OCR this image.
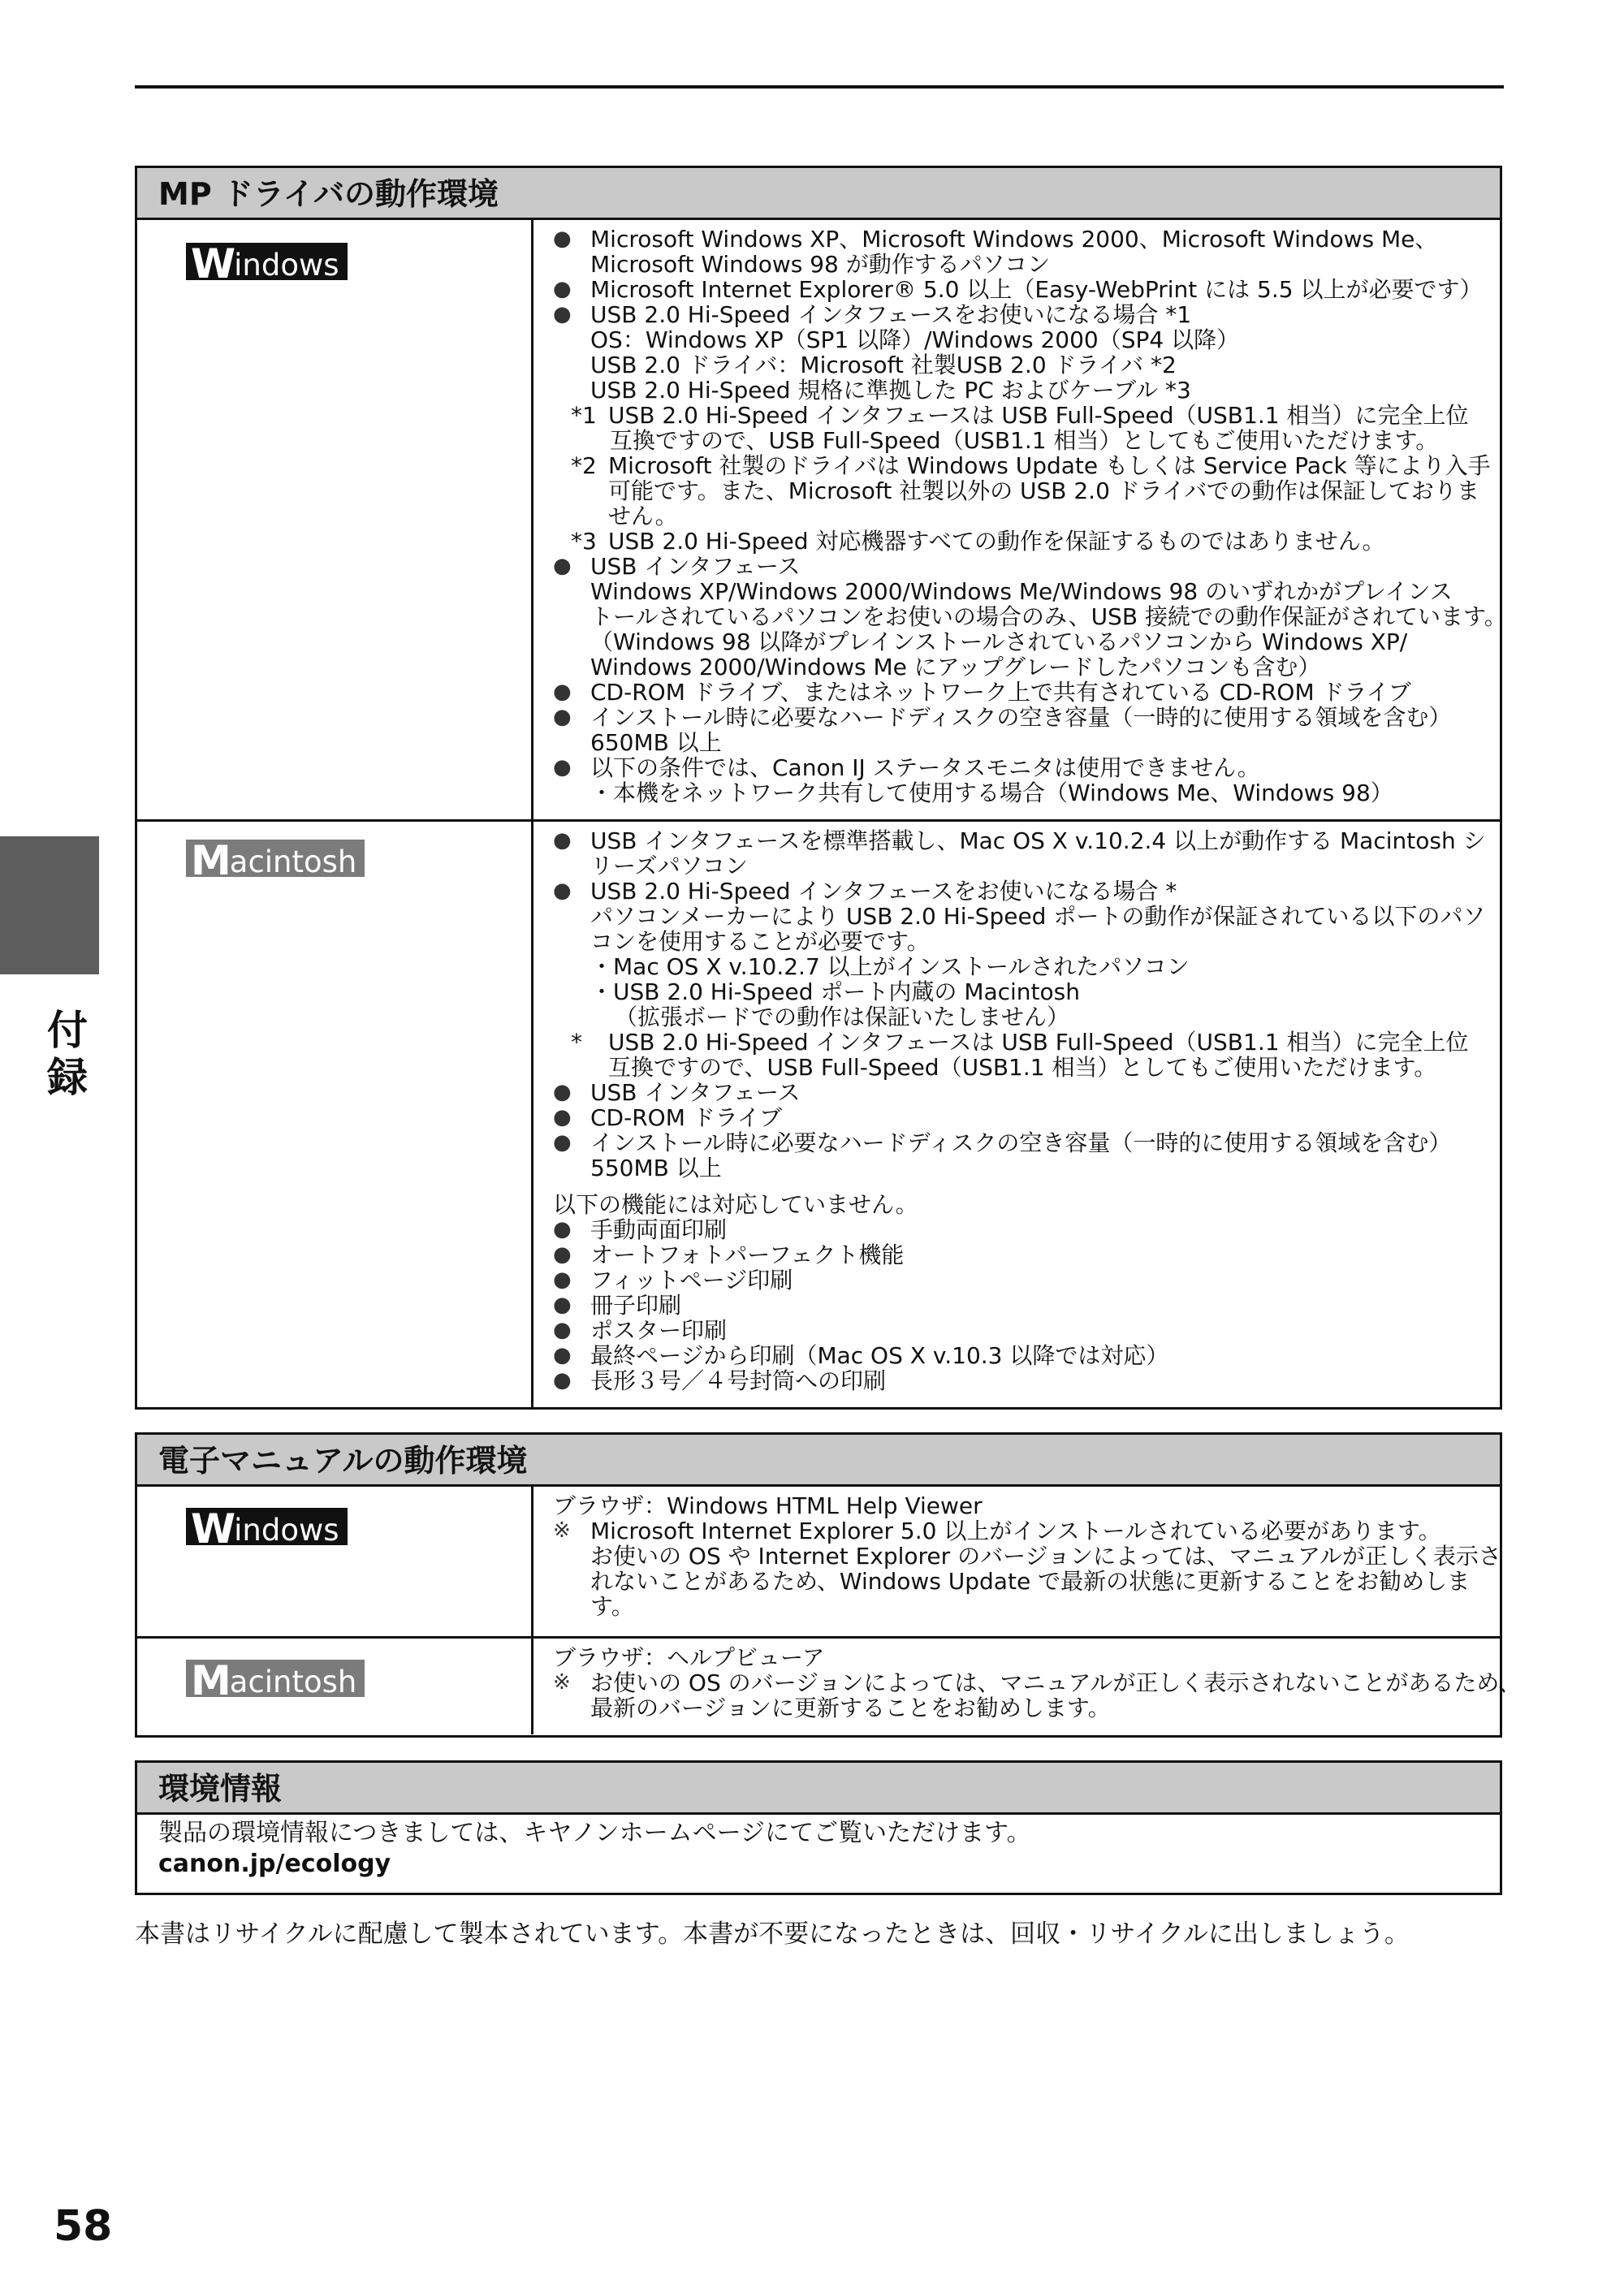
付録
MP ドライバの動作環境
Windows
● Microsoft Windows XP、Microsoft Windows 2000、Microsoft Windows Me、
Microsoft Windows 98 が動作するパソコン
● Microsoft Internet Explorer® 5.0 以上（Easy-WebPrint には 5.5 以上が必要です）
● USB 2.0 Hi-Speed インタフェースをお使いになる場合 *1
OS：Windows XP（SP1 以降）/Windows 2000（SP4 以降）
USB 2.0 ドライバ：Microsoft 社製USB 2.0 ドライバ *2
USB 2.0 Hi-Speed 規格に準拠した PC およびケーブル *3
*1 USB 2.0 Hi-Speed インタフェースは USB Full-Speed（USB1.1 相当）に完全上位
互換ですので、USB Full-Speed（USB1.1 相当）としてもご使用いただけます。
*2 Microsoft 社製のドライバは Windows Update もしくは Service Pack 等により入手
可能です。また、Microsoft 社製以外の USB 2.0 ドライバでの動作は保証しておりま
せん。
*3 USB 2.0 Hi-Speed 対応機器すべての動作を保証するものではありません。
● USB インタフェース
Windows XP/Windows 2000/Windows Me/Windows 98 のいずれかがプレインス
トールされているパソコンをお使いの場合のみ、USB 接続での動作保証がされています。
（Windows 98 以降がプレインストールされているパソコンから Windows XP/
Windows 2000/Windows Me にアップグレードしたパソコンも含む）
● CD-ROM ドライブ、またはネットワーク上で共有されている CD-ROM ドライブ
● インストール時に必要なハードディスクの空き容量（一時的に使用する領域を含む）
650MB 以上
● 以下の条件では、Canon IJ ステータスモニタは使用できません。
・本機をネットワーク共有して使用する場合（Windows Me、Windows 98）
Macintosh
● USB インタフェースを標準搭載し、Mac OS X v.10.2.4 以上が動作する Macintosh シ
リーズパソコン
● USB 2.0 Hi-Speed インタフェースをお使いになる場合 *
パソコンメーカーにより USB 2.0 Hi-Speed ポートの動作が保証されている以下のパソ
コンを使用することが必要です。
・Mac OS X v.10.2.7 以上がインストールされたパソコン
・USB 2.0 Hi-Speed ポート内蔵の Macintosh
（拡張ボードでの動作は保証いたしません）
*	USB 2.0 Hi-Speed インタフェースは USB Full-Speed（USB1.1 相当）に完全上位
互換ですので、USB Full-Speed（USB1.1 相当）としてもご使用いただけます。
● USB インタフェース
● CD-ROM ドライブ
● インストール時に必要なハードディスクの空き容量（一時的に使用する領域を含む）
550MB 以上
以下の機能には対応していません。
● 手動両面印刷
● オートフォトパーフェクト機能
● フィットページ印刷
● 冊子印刷
● ポスター印刷
● 最終ページから印刷（Mac OS X v.10.3 以降では対応）
● 長形３号／４号封筒への印刷
電子マニュアルの動作環境
Windows
ブラウザ：Windows HTML Help Viewer
※ Microsoft Internet Explorer 5.0 以上がインストールされている必要があります。
お使いの OS や Internet Explorer のバージョンによっては、マニュアルが正しく表示さ
れないことがあるため、Windows Update で最新の状態に更新することをお勧めしま
す。
Macintosh
ブラウザ：ヘルプビューア
※ お使いの OS のバージョンによっては、マニュアルが正しく表示されないことがあるため、
最新のバージョンに更新することをお勧めします。
環境情報
製品の環境情報につきましては、キヤノンホームページにてご覧いただけます。
canon.jp/ecology
本書はリサイクルに配慮して製本されています。本書が不要になったときは、回収・リサイクルに出しましょう。
58
